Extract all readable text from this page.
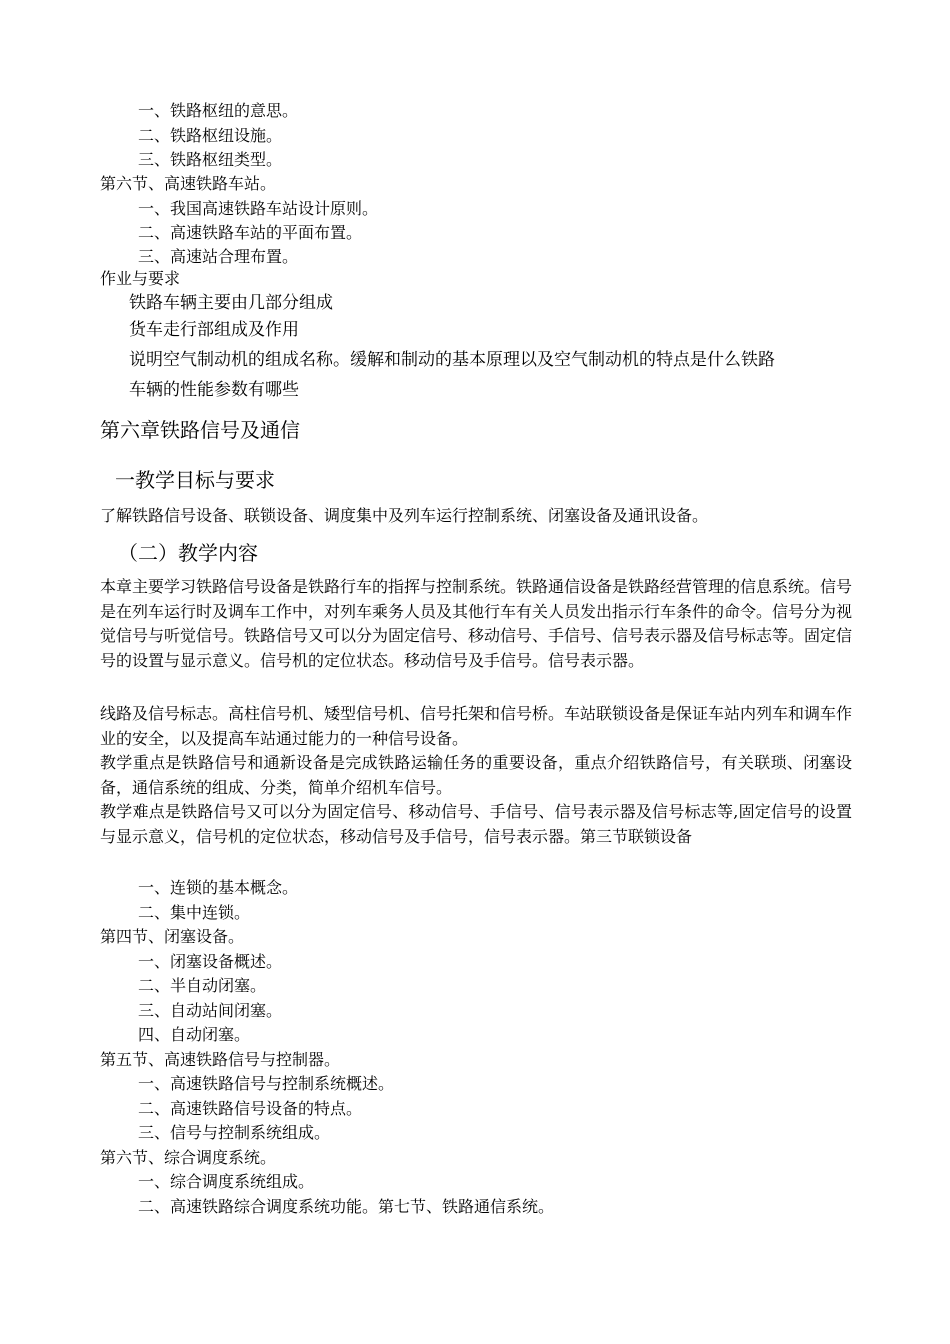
一、铁路枢纽的意思。
二、铁路枢纽设施。
三、铁路枢纽类型。
第六节、高速铁路车站。
一、我国高速铁路车站设计原则。
二、高速铁路车站的平面布置。
三、高速站合理布置。
作业与要求
铁路车辆主要由几部分组成
货车走行部组成及作用
说明空气制动机的组成名称。缓解和制动的基本原理以及空气制动机的特点是什么铁路
车辆的性能参数有哪些
第六章铁路信号及通信
一教学目标与要求
了解铁路信号设备、联锁设备、调度集中及列车运行控制系统、闭塞设备及通讯设备。
（二）教学内容
本章主要学习铁路信号设备是铁路行车的指挥与控制系统。铁路通信设备是铁路经营管理的信息系统。信号是在列车运行时及调车工作中，对列车乘务人员及其他行车有关人员发出指示行车条件的命令。信号分为视觉信号与听觉信号。铁路信号又可以分为固定信号、移动信号、手信号、信号表示器及信号标志等。固定信号的设置与显示意义。信号机的定位状态。移动信号及手信号。信号表示器。
线路及信号标志。高柱信号机、矮型信号机、信号托架和信号桥。车站联锁设备是保证车站内列车和调车作业的安全，以及提高车站通过能力的一种信号设备。
教学重点是铁路信号和通新设备是完成铁路运输任务的重要设备，重点介绍铁路信号，有关联琐、闭塞设备，通信系统的组成、分类，简单介绍机车信号。
教学难点是铁路信号又可以分为固定信号、移动信号、手信号、信号表示器及信号标志等,固定信号的设置与显示意义，信号机的定位状态，移动信号及手信号，信号表示器。第三节联锁设备
一、连锁的基本概念。
二、集中连锁。
第四节、闭塞设备。
一、闭塞设备概述。
二、半自动闭塞。
三、自动站间闭塞。
四、自动闭塞。
第五节、高速铁路信号与控制器。
一、高速铁路信号与控制系统概述。
二、高速铁路信号设备的特点。
三、信号与控制系统组成。
第六节、综合调度系统。
一、综合调度系统组成。
二、高速铁路综合调度系统功能。第七节、铁路通信系统。
